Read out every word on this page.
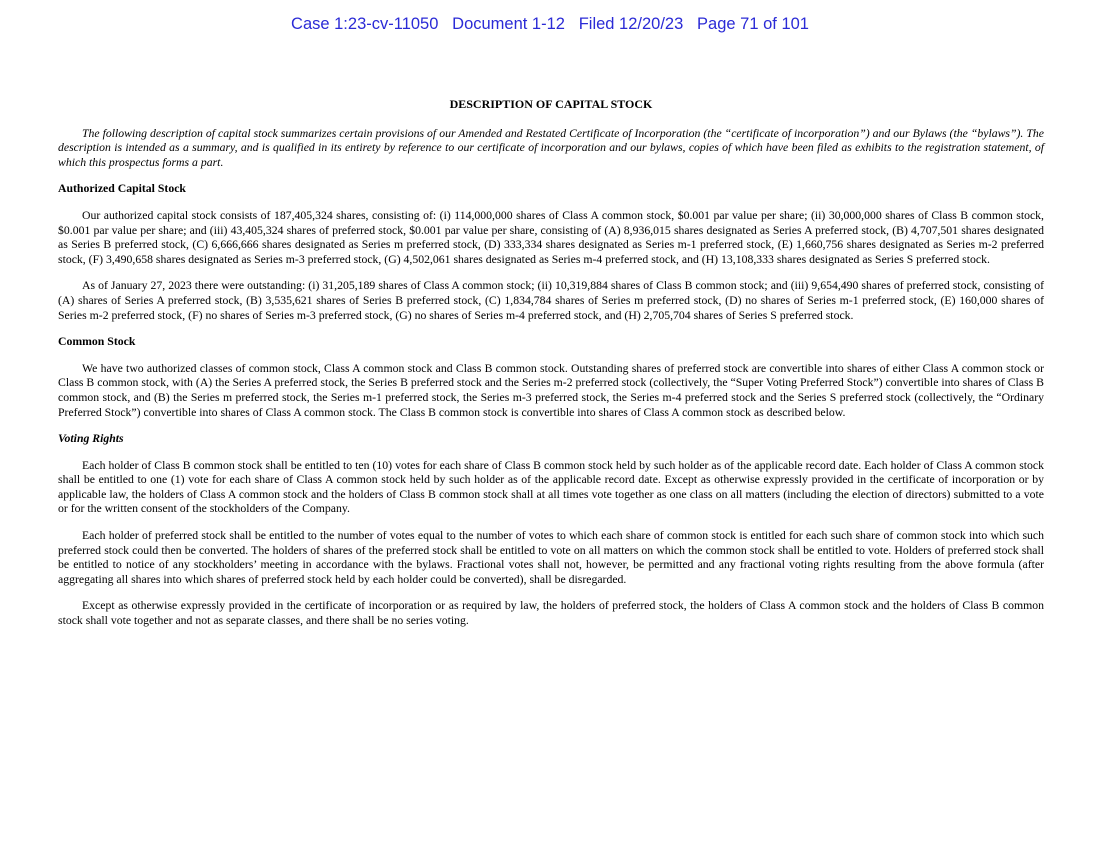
Case 1:23-cv-11050   Document 1-12   Filed 12/20/23   Page 71 of 101
DESCRIPTION OF CAPITAL STOCK

The following description of capital stock summarizes certain provisions of our Amended and Restated Certificate of Incorporation (the “certificate of incorporation”) and our Bylaws (the “bylaws”). The description is intended as a summary, and is qualified in its entirety by reference to our certificate of incorporation and our bylaws, copies of which have been filed as exhibits to the registration statement, of which this prospectus forms a part.

Authorized Capital Stock

Our authorized capital stock consists of 187,405,324 shares, consisting of: (i) 114,000,000 shares of Class A common stock, $0.001 par value per share; (ii) 30,000,000 shares of Class B common stock, $0.001 par value per share; and (iii) 43,405,324 shares of preferred stock, $0.001 par value per share, consisting of (A) 8,936,015 shares designated as Series A preferred stock, (B) 4,707,501 shares designated as Series B preferred stock, (C) 6,666,666 shares designated as Series m preferred stock, (D) 333,334 shares designated as Series m-1 preferred stock, (E) 1,660,756 shares designated as Series m-2 preferred stock, (F) 3,490,658 shares designated as Series m-3 preferred stock, (G) 4,502,061 shares designated as Series m-4 preferred stock, and (H) 13,108,333 shares designated as Series S preferred stock.

As of January 27, 2023 there were outstanding: (i) 31,205,189 shares of Class A common stock; (ii) 10,319,884 shares of Class B common stock; and (iii) 9,654,490 shares of preferred stock, consisting of (A) shares of Series A preferred stock, (B) 3,535,621 shares of Series B preferred stock, (C) 1,834,784 shares of Series m preferred stock, (D) no shares of Series m-1 preferred stock, (E) 160,000 shares of Series m-2 preferred stock, (F) no shares of Series m-3 preferred stock, (G) no shares of Series m-4 preferred stock, and (H) 2,705,704 shares of Series S preferred stock.

Common Stock

We have two authorized classes of common stock, Class A common stock and Class B common stock. Outstanding shares of preferred stock are convertible into shares of either Class A common stock or Class B common stock, with (A) the Series A preferred stock, the Series B preferred stock and the Series m-2 preferred stock (collectively, the “Super Voting Preferred Stock”) convertible into shares of Class B common stock, and (B) the Series m preferred stock, the Series m-1 preferred stock, the Series m-3 preferred stock, the Series m-4 preferred stock and the Series S preferred stock (collectively, the “Ordinary Preferred Stock”) convertible into shares of Class A common stock. The Class B common stock is convertible into shares of Class A common stock as described below.

Voting Rights

Each holder of Class B common stock shall be entitled to ten (10) votes for each share of Class B common stock held by such holder as of the applicable record date. Each holder of Class A common stock shall be entitled to one (1) vote for each share of Class A common stock held by such holder as of the applicable record date. Except as otherwise expressly provided in the certificate of incorporation or by applicable law, the holders of Class A common stock and the holders of Class B common stock shall at all times vote together as one class on all matters (including the election of directors) submitted to a vote or for the written consent of the stockholders of the Company.

Each holder of preferred stock shall be entitled to the number of votes equal to the number of votes to which each share of common stock is entitled for each such share of common stock into which such preferred stock could then be converted. The holders of shares of the preferred stock shall be entitled to vote on all matters on which the common stock shall be entitled to vote. Holders of preferred stock shall be entitled to notice of any stockholders’ meeting in accordance with the bylaws. Fractional votes shall not, however, be permitted and any fractional voting rights resulting from the above formula (after aggregating all shares into which shares of preferred stock held by each holder could be converted), shall be disregarded.

Except as otherwise expressly provided in the certificate of incorporation or as required by law, the holders of preferred stock, the holders of Class A common stock and the holders of Class B common stock shall vote together and not as separate classes, and there shall be no series voting.
